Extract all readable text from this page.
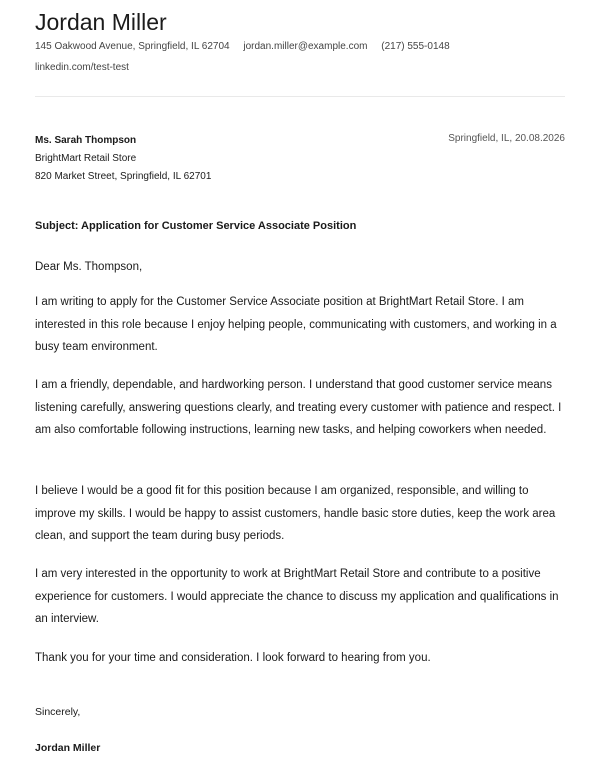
Jordan Miller
145 Oakwood Avenue, Springfield, IL 62704 jordan.miller@example.com (217) 555-0148
linkedin.com/test-test
Ms. Sarah Thompson
BrightMart Retail Store
820 Market Street, Springfield, IL 62701
Springfield, IL, 20.08.2026
Subject: Application for Customer Service Associate Position
Dear Ms. Thompson,

I am writing to apply for the Customer Service Associate position at BrightMart Retail Store. I am interested in this role because I enjoy helping people, communicating with customers, and working in a busy team environment.

I am a friendly, dependable, and hardworking person. I understand that good customer service means listening carefully, answering questions clearly, and treating every customer with patience and respect. I am also comfortable following instructions, learning new tasks, and helping coworkers when needed.

I believe I would be a good fit for this position because I am organized, responsible, and willing to improve my skills. I would be happy to assist customers, handle basic store duties, keep the work area clean, and support the team during busy periods.

I am very interested in the opportunity to work at BrightMart Retail Store and contribute to a positive experience for customers. I would appreciate the chance to discuss my application and qualifications in an interview.

Thank you for your time and consideration. I look forward to hearing from you.

Sincerely,
Jordan Miller
